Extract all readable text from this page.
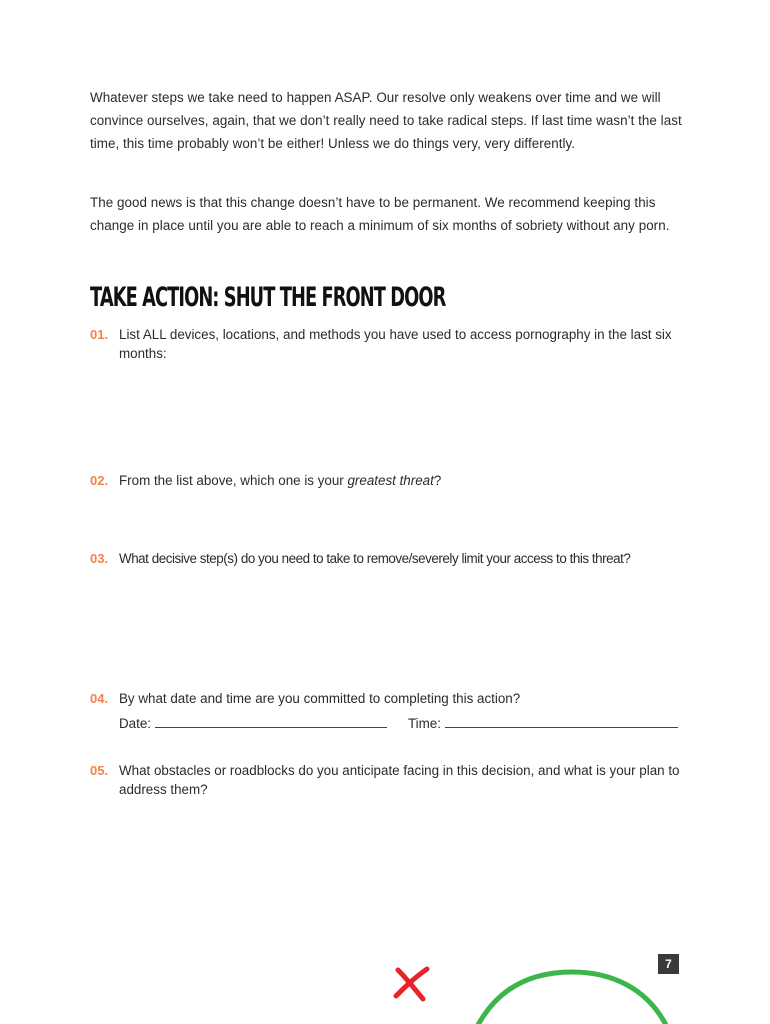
Whatever steps we take need to happen ASAP. Our resolve only weakens over time and we will convince ourselves, again, that we don’t really need to take radical steps. If last time wasn’t the last time, this time probably won’t be either! Unless we do things very, very differently.

The good news is that this change doesn’t have to be permanent. We recommend keeping this change in place until you are able to reach a minimum of six months of sobriety without any porn.

TAKE ACTION: SHUT THE FRONT DOOR
01. List ALL devices, locations, and methods you have used to access pornography in the last six months:
02. From the list above, which one is your greatest threat?
03. What decisive step(s) do you need to take to remove/severely limit your access to this threat?
04. By what date and time are you committed to completing this action?
Date:	Time:
05. What obstacles or roadblocks do you anticipate facing in this decision, and what is your plan to address them?
7
